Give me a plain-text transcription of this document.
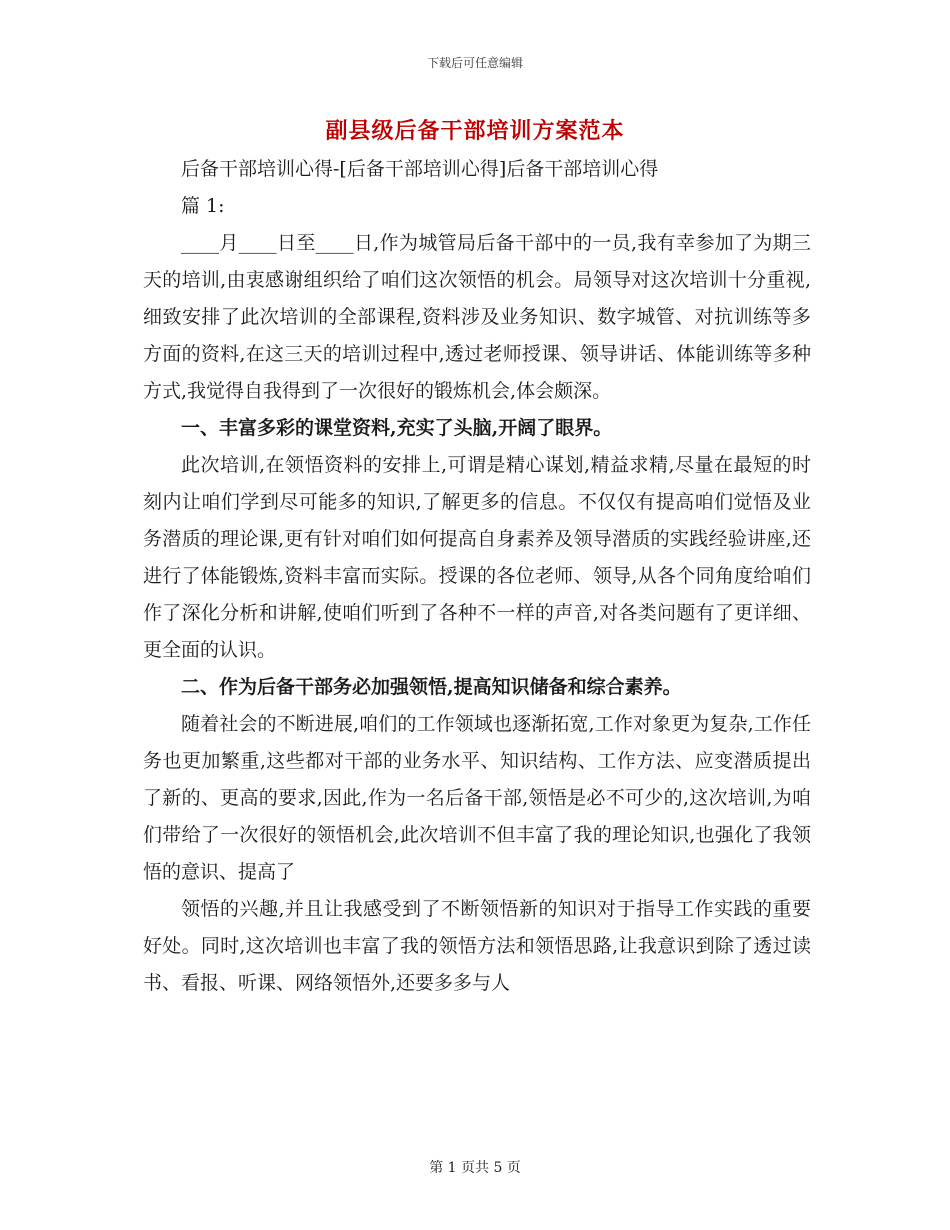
下载后可任意编辑
副县级后备干部培训方案范本

后备干部培训心得-[后备干部培训心得]后备干部培训心得

篇 1:

____月____日至____日,作为城管局后备干部中的一员,我有幸参加了为期三天的培训,由衷感谢组织给了咱们这次领悟的机会。局领导对这次培训十分重视,细致安排了此次培训的全部课程,资料涉及业务知识、数字城管、对抗训练等多方面的资料,在这三天的培训过程中,透过老师授课、领导讲话、体能训练等多种方式,我觉得自我得到了一次很好的锻炼机会,体会颇深。

一、丰富多彩的课堂资料,充实了头脑,开阔了眼界。

此次培训,在领悟资料的安排上,可谓是精心谋划,精益求精,尽量在最短的时刻内让咱们学到尽可能多的知识,了解更多的信息。不仅仅有提高咱们觉悟及业务潜质的理论课,更有针对咱们如何提高自身素养及领导潜质的实践经验讲座,还进行了体能锻炼,资料丰富而实际。授课的各位老师、领导,从各个同角度给咱们作了深化分析和讲解,使咱们听到了各种不一样的声音,对各类问题有了更详细、更全面的认识。

二、作为后备干部务必加强领悟,提高知识储备和综合素养。

随着社会的不断进展,咱们的工作领域也逐渐拓宽,工作对象更为复杂,工作任务也更加繁重,这些都对干部的业务水平、知识结构、工作方法、应变潜质提出了新的、更高的要求,因此,作为一名后备干部,领悟是必不可少的,这次培训,为咱们带给了一次很好的领悟机会,此次培训不但丰富了我的理论知识,也强化了我领悟的意识、提高了

领悟的兴趣,并且让我感受到了不断领悟新的知识对于指导工作实践的重要好处。同时,这次培训也丰富了我的领悟方法和领悟思路,让我意识到除了透过读书、看报、听课、网络领悟外,还要多多与人

第 1 页共 5 页
